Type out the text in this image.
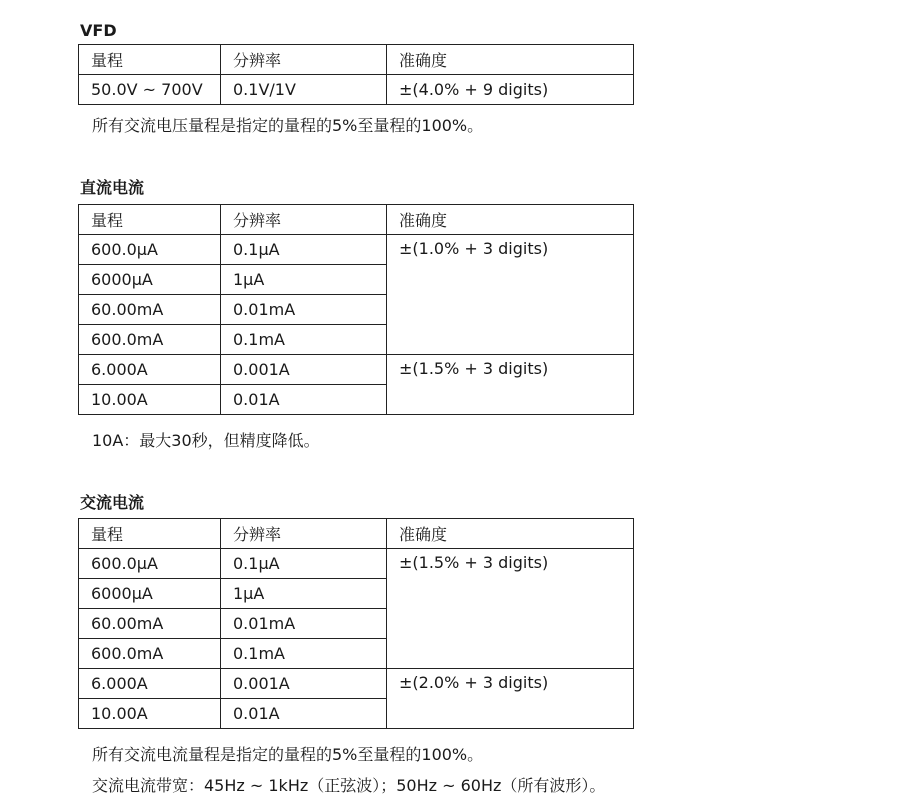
VFD
量程	分辨率	准确度
50.0V ~ 700V	0.1V/1V	±(4.0% + 9 digits)

所有交流电压量程是指定的量程的5%至量程的100%。

直流电流
量程	分辨率	准确度
600.0μA	0.1μA	±(1.0% + 3 digits)
6000μA	1μA	
60.00mA	0.01mA	
600.0mA	0.1mA	
6.000A	0.001A	±(1.5% + 3 digits)
10.00A	0.01A	

10A：最大30秒，但精度降低。

交流电流
量程	分辨率	准确度
600.0μA	0.1μA	±(1.5% + 3 digits)
6000μA	1μA	
60.00mA	0.01mA	
600.0mA	0.1mA	
6.000A	0.001A	±(2.0% + 3 digits)
10.00A	0.01A	

所有交流电流量程是指定的量程的5%至量程的100%。

交流电流带宽：45Hz ~ 1kHz（正弦波）；50Hz ~ 60Hz（所有波形）。
